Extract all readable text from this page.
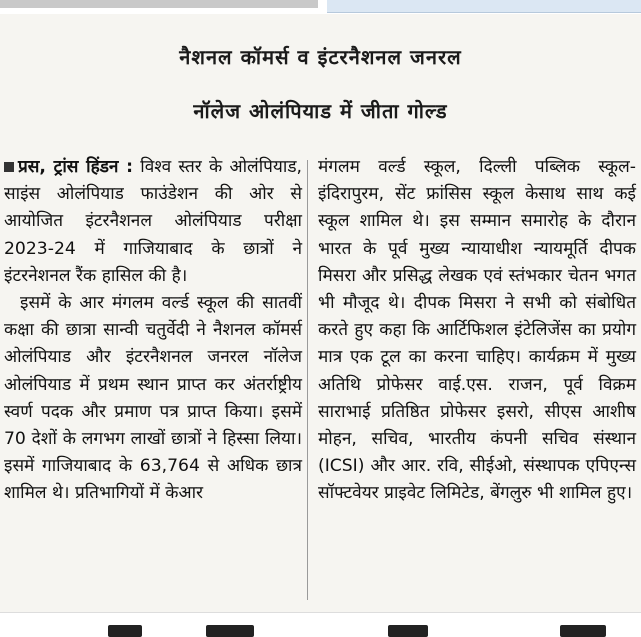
नैशनल कॉमर्स व इंटरनैशनल जनरल
नॉलेज ओलंपियाड में जीता गोल्ड

प्रस, ट्रांस हिंडन : विश्व स्तर के ओलंपियाड, साइंस ओलंपियाड फाउंडेशन की ओर से आयोजित इंटरनैशनल ओलंपियाड परीक्षा 2023-24 में गाजियाबाद के छात्रों ने इंटरनेशनल रैंक हासिल की है।

इसमें के आर मंगलम वर्ल्ड स्कूल की सातवीं कक्षा की छात्रा सान्वी चतुर्वेदी ने नैशनल कॉमर्स ओलंपियाड और इंटरनैशनल जनरल नॉलेज ओलंपियाड में प्रथम स्थान प्राप्त कर अंतर्राष्ट्रीय स्वर्ण पदक और प्रमाण पत्र प्राप्त किया। इसमें 70 देशों के लगभग लाखों छात्रों ने हिस्सा लिया। इसमें गाजियाबाद के 63,764 से अधिक छात्र शामिल थे। प्रतिभागियों में केआर

मंगलम वर्ल्ड स्कूल, दिल्ली पब्लिक स्कूल-इंदिरापुरम, सेंट फ्रांसिस स्कूल केसाथ साथ कई स्कूल शामिल थे। इस सम्मान समारोह के दौरान भारत के पूर्व मुख्य न्यायाधीश न्यायमूर्ति दीपक मिसरा और प्रसिद्ध लेखक एवं स्तंभकार चेतन भगत भी मौजूद थे। दीपक मिसरा ने सभी को संबोधित करते हुए कहा कि आर्टिफिशल इंटेलिजेंस का प्रयोग मात्र एक टूल का करना चाहिए। कार्यक्रम में मुख्य अतिथि प्रोफेसर वाई.एस. राजन, पूर्व विक्रम साराभाई प्रतिष्ठित प्रोफेसर इसरो, सीएस आशीष मोहन, सचिव, भारतीय कंपनी सचिव संस्थान (ICSI) और आर. रवि, सीईओ, संस्थापक एपिएन्स सॉफ्टवेयर प्राइवेट लिमिटेड, बेंगलुरु भी शामिल हुए।
